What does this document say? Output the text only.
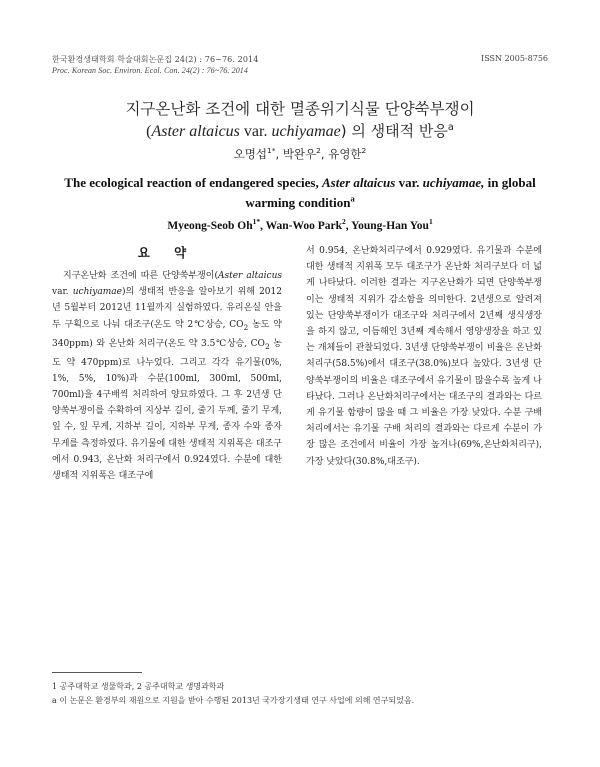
한국환경생태학회 학술대회논문집 24(2) : 76~76. 2014
Proc. Korean Soc. Environ. Ecol. Con. 24(2) : 76~76. 2014
ISSN 2005-8756
지구온난화 조건에 대한 멸종위기식물 단양쑥부쟁이
(Aster altaicus var. uchiyamae) 의 생태적 반응$^a$
오명섭$^{1*}$, 박완우$^2$, 유영한$^2$
The ecological reaction of endangered species, Aster altaicus var. uchiyamae, in global warming condition$^a$
Myeong-Seob $Oh^{1*}$, Wan-Woo Park$^2$, Young-Han You$^1$
요 약
지구온난화 조건에 따른 단양쑥부쟁이(Aster altaicus var. uchiyamae)의 생태적 반응을 알아보기 위해 2012년 5월부터 2012년 11월까지 실험하였다. 유리온실 안을 두 구획으로 나눠 대조구(온도 약 2℃상승, $CO_2$ 농도 약 340ppm) 와 온난화 처리구(온도 약 3.5℃상승, $CO_2$ 농도 약 470ppm)로 나누었다. 그리고 각각 유기물(0%, 1%, 5%, 10%)과 수분(100ml, 300ml, 500ml, 700ml)을 4구배씩 처리하여 양묘하였다. 그 후 2년생 단양쑥부쟁이를 수확하여 지상부 길이, 줄기 두께, 줄기 무게, 잎 수, 잎 무게, 지하부 길이, 지하부 무게, 종자 수와 종자 무게를 측정하였다. 유기물에 대한 생태적 지위폭은 대조구에서 0.943, 온난화 처리구에서 0.924였다. 수분에 대한 생태적 지위폭은 대조구에
서 0.954, 온난화처리구에서 0.929였다. 유기물과 수분에 대한 생태적 지위폭 모두 대조구가 온난화 처리구보다 더 넓게 나타났다. 이러한 결과는 지구온난화가 되면 단양쑥부쟁이는 생태적 지위가 감소함을 의미한다. 2년생으로 알려져 있는 단양쑥부쟁이가 대조구와 처리구에서 2년째 생식생장을 하지 않고, 이듬해인 3년째 계속해서 영양생장을 하고 있는 개체들이 관찰되었다. 3년생 단양쑥부쟁이 비율은 온난화처리구(58.5%)에서 대조구(38.0%)보다 높았다. 3년생 단양쑥부쟁이의 비율은 대조구에서 유기물이 많을수록 높게 나타났다. 그러나 온난화처리구에서는 대조구의 결과와는 다르게 유기물 함량이 많을 때 그 비율은 가장 낮았다. 수분 구배 처리에서는 유기물 구배 처리의 결과와는 다르게 수분이 가장 많은 조건에서 비율이 가장 높거나(69%,온난화처리구), 가장 낮았다(30.8%,대조구).
1 공주대학교 생물학과, 2 공주대학교 생명과학과
a 이 논문은 환경부의 재원으로 지원을 받아 수행된 2013년 국가장기생태 연구 사업에 의해 연구되었음.
